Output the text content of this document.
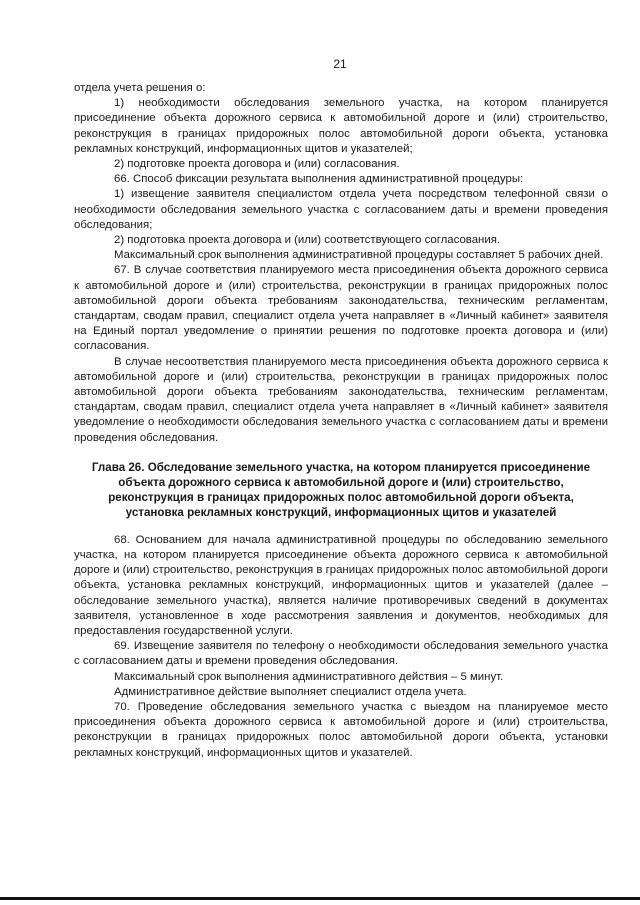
21

отдела учета решения о:

1) необходимости обследования земельного участка, на котором планируется присоединение объекта дорожного сервиса к автомобильной дороге и (или) строительство, реконструкция в границах придорожных полос автомобильной дороги объекта, установка рекламных конструкций, информационных щитов и указателей;

2) подготовке проекта договора и (или) согласования.

66. Способ фиксации результата выполнения административной процедуры:

1) извещение заявителя специалистом отдела учета посредством телефонной связи о необходимости обследования земельного участка с согласованием даты и времени проведения обследования;

2) подготовка проекта договора и (или) соответствующего согласования.

Максимальный срок выполнения административной процедуры составляет 5 рабочих дней.

67. В случае соответствия планируемого места присоединения объекта дорожного сервиса к автомобильной дороге и (или) строительства, реконструкции в границах придорожных полос автомобильной дороги объекта требованиям законодательства, техническим регламентам, стандартам, сводам правил, специалист отдела учета направляет в «Личный кабинет» заявителя на Единый портал уведомление о принятии решения по подготовке проекта договора и (или) согласования.

В случае несоответствия планируемого места присоединения объекта дорожного сервиса к автомобильной дороге и (или) строительства, реконструкции в границах придорожных полос автомобильной дороги объекта требованиям законодательства, техническим регламентам, стандартам, сводам правил, специалист отдела учета направляет в «Личный кабинет» заявителя уведомление о необходимости обследования земельного участка с согласованием даты и времени проведения обследования.

Глава 26. Обследование земельного участка, на котором планируется присоединение объекта дорожного сервиса к автомобильной дороге и (или) строительство, реконструкция в границах придорожных полос автомобильной дороги объекта, установка рекламных конструкций, информационных щитов и указателей

68. Основанием для начала административной процедуры по обследованию земельного участка, на котором планируется присоединение объекта дорожного сервиса к автомобильной дороге и (или) строительство, реконструкция в границах придорожных полос автомобильной дороги объекта, установка рекламных конструкций, информационных щитов и указателей (далее – обследование земельного участка), является наличие противоречивых сведений в документах заявителя, установленное в ходе рассмотрения заявления и документов, необходимых для предоставления государственной услуги.

69. Извещение заявителя по телефону о необходимости обследования земельного участка с согласованием даты и времени проведения обследования.

Максимальный срок выполнения административного действия – 5 минут.

Административное действие выполняет специалист отдела учета.

70. Проведение обследования земельного участка с выездом на планируемое место присоединения объекта дорожного сервиса к автомобильной дороге и (или) строительства, реконструкции в границах придорожных полос автомобильной дороги объекта, установки рекламных конструкций, информационных щитов и указателей.
